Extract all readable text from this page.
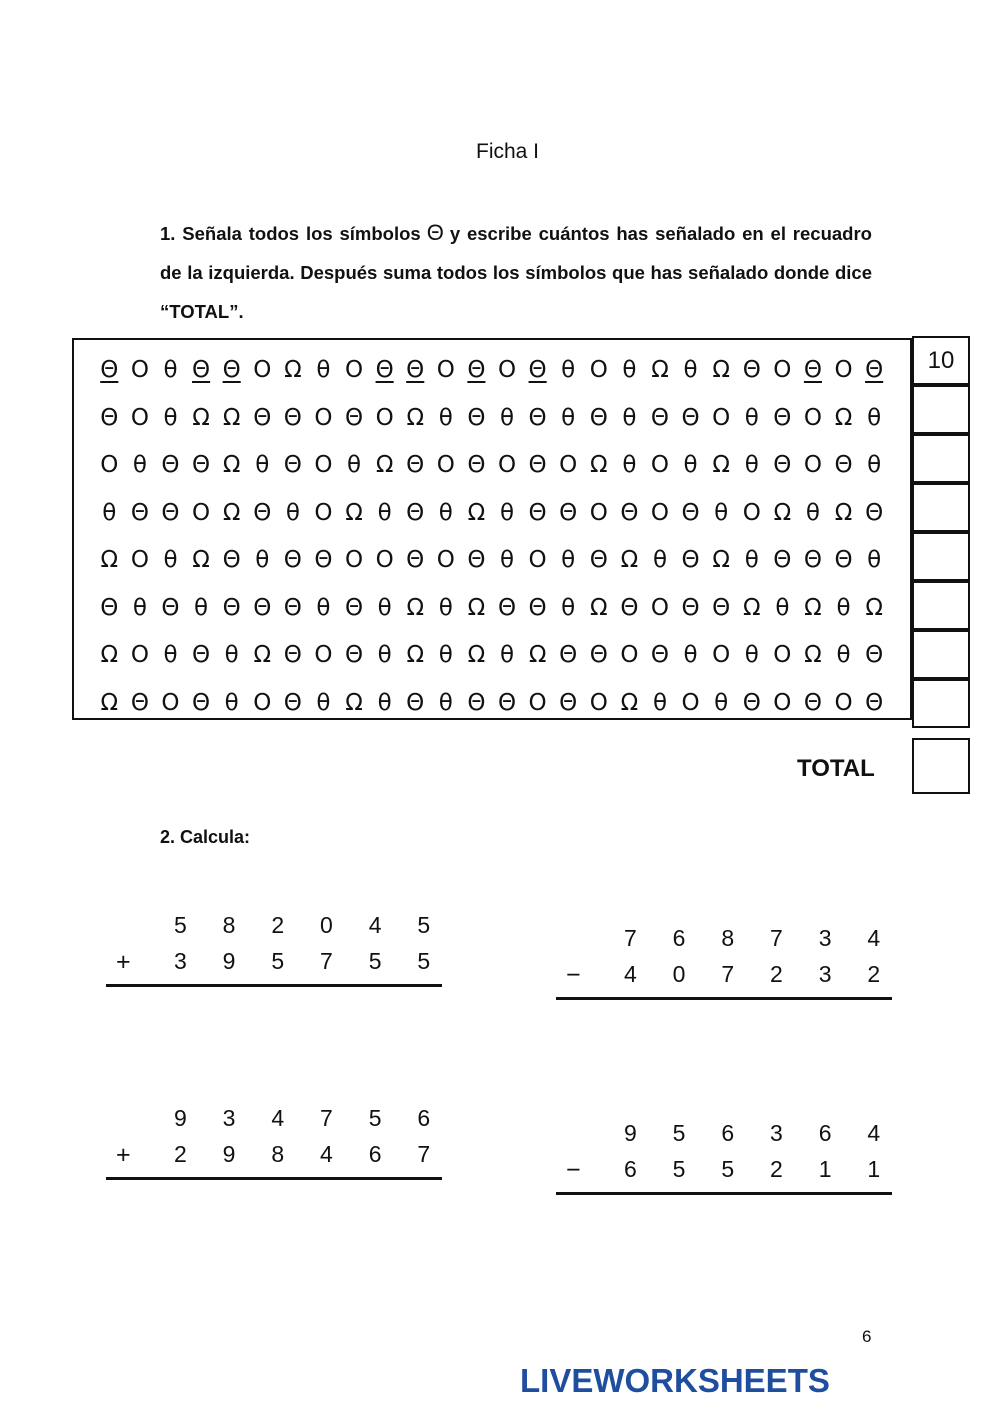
Ficha I
1. Señala todos los símbolos Θ y escribe cuántos has señalado en el recuadro de la izquierda. Después suma todos los símbolos que has señalado donde dice “TOTAL”.
Θ O θ Θ Θ O Ω θ O Θ Θ O Θ O Θ θ O θ Ω θ Ω Θ O Θ O Θ
Θ O θ Ω Ω Θ Θ O Θ O Ω θ Θ θ Θ θ Θ θ Θ Θ O θ Θ O Ω θ
O θ Θ Θ Ω θ Θ O θ Ω Θ O Θ O Θ O Ω θ O θ Ω θ Θ O Θ θ
θ Θ Θ O Ω Θ θ O Ω θ Θ θ Ω θ Θ Θ O Θ O Θ θ O Ω θ Ω Θ
Ω O θ Ω Θ θ Θ Θ O O Θ O Θ θ O θ Θ Ω θ Θ Ω θ Θ Θ Θ θ
Θ θ Θ θ Θ Θ Θ θ Θ θ Ω θ Ω Θ Θ θ Ω Θ O Θ Θ Ω θ Ω θ Ω
Ω O θ Θ θ Ω Θ O Θ θ Ω θ Ω θ Ω Θ Θ O Θ θ O θ O Ω θ Θ
Ω Θ O Θ θ O Θ θ Ω θ Θ θ Θ Θ O Θ O Ω θ O θ Θ O Θ O Θ
10
TOTAL
2. Calcula:
5	8	2	0	4	5
+	3	9	5	7	5	5
7	6	8	7	3	4
−	4	0	7	2	3	2
9	3	4	7	5	6
+	2	9	8	4	6	7
9	5	6	3	6	4
−	6	5	5	2	1	1
6
LIVEWORKSHEETS
